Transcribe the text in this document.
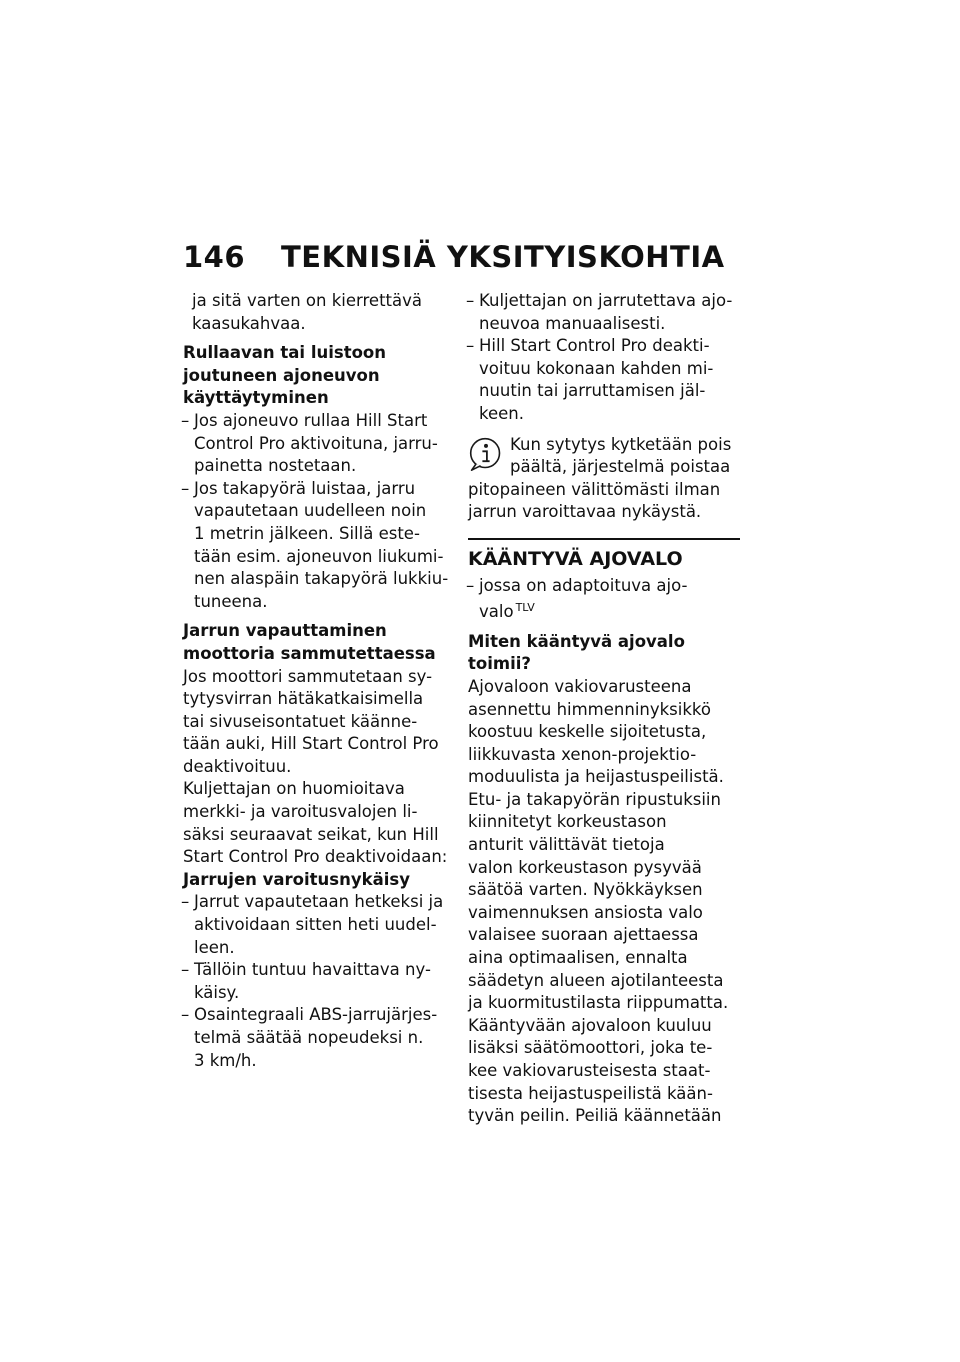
146 TEKNISIÄ YKSITYISKOHTIA

ja sitä varten on kierrettävä

kaasukahvaa.

Rullaavan tai luistoon

joutuneen ajoneuvon

käyttäytyminen

– Jos ajoneuvo rullaa Hill Start

Control Pro aktivoituna, jarru-

painetta nostetaan.

– Jos takapyörä luistaa, jarru

vapautetaan uudelleen noin

1 metrin jälkeen. Sillä este-

tään esim. ajoneuvon liukumi-

nen alaspäin takapyörä lukkiu-

tuneena.

Jarrun vapauttaminen

moottoria sammutettaessa

Jos moottori sammutetaan sy-

tytysvirran hätäkatkaisimella

tai sivuseisontatuet käänne-

tään auki, Hill Start Control Pro

deaktivoituu.

Kuljettajan on huomioitava

merkki- ja varoitusvalojen li-

säksi seuraavat seikat, kun Hill

Start Control Pro deaktivoidaan:

Jarrujen varoitusnykäisy

– Jarrut vapautetaan hetkeksi ja

aktivoidaan sitten heti uudel-

leen.

– Tällöin tuntuu havaittava ny-

käisy.

– Osaintegraali ABS-jarrujärjes-

telmä säätää nopeudeksi n.

3 km/h.

– Kuljettajan on jarrutettava ajo-

neuvoa manuaalisesti.

– Hill Start Control Pro deakti-

voituu kokonaan kahden mi-

nuutin tai jarruttamisen jäl-

keen.

Kun sytytys kytketään pois

päältä, järjestelmä poistaa

pitopaineen välittömästi ilman

jarrun varoittavaa nykäystä.

KÄÄNTYVÄ AJOVALO

– jossa on adaptoituva ajo-

valo $^{TLV}$

Miten kääntyvä ajovalo

toimii?

Ajovaloon vakiovarusteena

asennettu himmenninyksikkö

koostuu keskelle sijoitetusta,

liikkuvasta xenon-projektio-

moduulista ja heijastuspeilistä.

Etu- ja takapyörän ripustuksiin

kiinnitetyt korkeustason

anturit välittävät tietoja

valon korkeustason pysyvää

säätöä varten. Nyökkäyksen

vaimennuksen ansiosta valo

valaisee suoraan ajettaessa

aina optimaalisen, ennalta

säädetyn alueen ajotilanteesta

ja kuormitustilasta riippumatta.

Kääntyvään ajovaloon kuuluu

lisäksi säätömoottori, joka te-

kee vakiovarusteisesta staat-

tisesta heijastuspeilistä kään-

tyvän peilin. Peiliä käännetään
